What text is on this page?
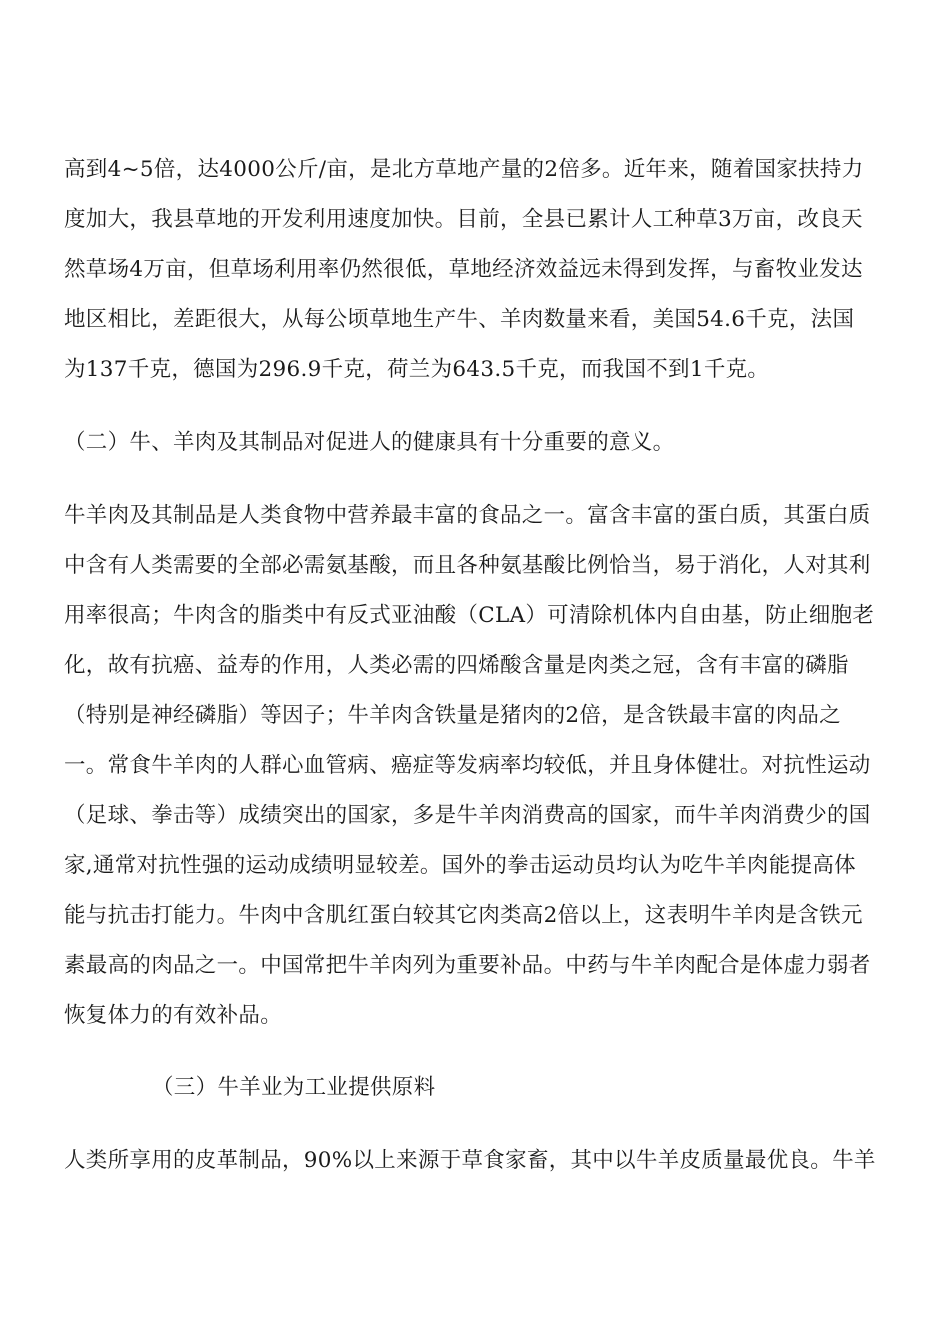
高到4~5倍，达4000公斤/亩，是北方草地产量的2倍多。近年来，随着国家扶持力
度加大，我县草地的开发利用速度加快。目前，全县已累计人工种草3万亩，改良天
然草场4万亩，但草场利用率仍然很低，草地经济效益远未得到发挥，与畜牧业发达
地区相比，差距很大，从每公顷草地生产牛、羊肉数量来看，美国54.6千克，法国
为137千克，德国为296.9千克，荷兰为643.5千克，而我国不到1千克。
（二）牛、羊肉及其制品对促进人的健康具有十分重要的意义。
牛羊肉及其制品是人类食物中营养最丰富的食品之一。富含丰富的蛋白质，其蛋白质
中含有人类需要的全部必需氨基酸，而且各种氨基酸比例恰当，易于消化，人对其利
用率很高；牛肉含的脂类中有反式亚油酸（CLA）可清除机体内自由基，防止细胞老
化，故有抗癌、益寿的作用，人类必需的四烯酸含量是肉类之冠，含有丰富的磷脂
（特别是神经磷脂）等因子；牛羊肉含铁量是猪肉的2倍，是含铁最丰富的肉品之
一。常食牛羊肉的人群心血管病、癌症等发病率均较低，并且身体健壮。对抗性运动
（足球、拳击等）成绩突出的国家，多是牛羊肉消费高的国家，而牛羊肉消费少的国
家,通常对抗性强的运动成绩明显较差。国外的拳击运动员均认为吃牛羊肉能提高体
能与抗击打能力。牛肉中含肌红蛋白较其它肉类高2倍以上，这表明牛羊肉是含铁元
素最高的肉品之一。中国常把牛羊肉列为重要补品。中药与牛羊肉配合是体虚力弱者
恢复体力的有效补品。
（三）牛羊业为工业提供原料
人类所享用的皮革制品，90%以上来源于草食家畜，其中以牛羊皮质量最优良。牛羊
